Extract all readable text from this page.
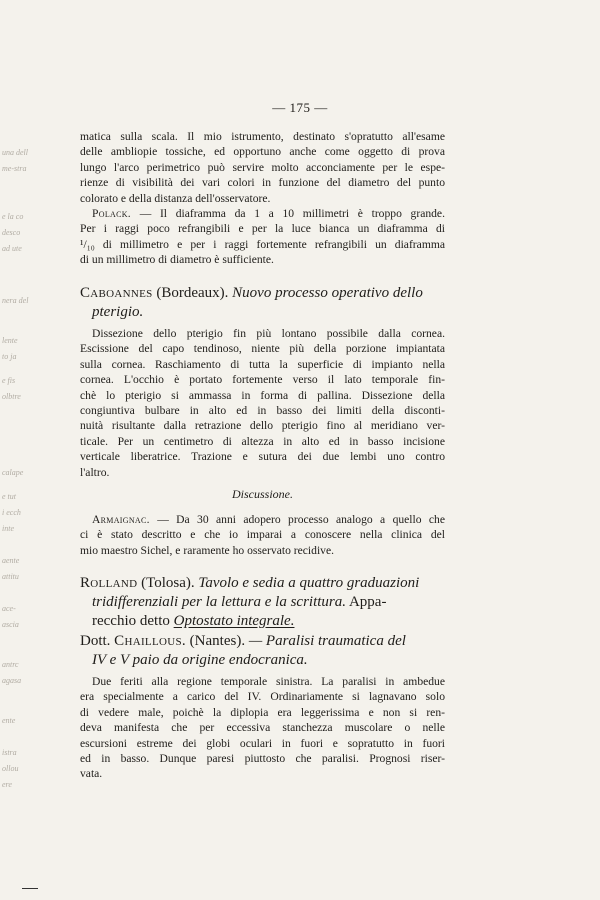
una dell
me-stra
e la co
desco
ad ute
nera del
lente
to ja
e fis
olbtre
calape
e tut
i ecch
inte
aente
attitu
ace-
ascia
antrc
agasa
ente
istra
ollou
ere
— 175 —

matica sulla scala. Il mio istrumento, destinato s'opratutto all'esame
delle ambliopie tossiche, ed opportuno anche come oggetto di prova
lungo l'arco perimetrico può servire molto acconciamente per le espe-
rienze di visibilità dei vari colori in funzione del diametro del punto
colorato e della distanza dell'osservatore.

Polack. — Il diaframma da 1 a 10 millimetri è troppo grande.
Per i raggi poco refrangibili e per la luce bianca un diaframma di
¹/₁₀ di millimetro e per i raggi fortemente refrangibili un diaframma
di un millimetro di diametro è sufficiente.

Caboannes (Bordeaux). Nuovo processo operativo dello
pterigio.

Dissezione dello pterigio fin più lontano possibile dalla cornea.
Escissione del capo tendinoso, niente più della porzione impiantata
sulla cornea. Raschiamento di tutta la superficie di impianto nella
cornea. L'occhio è portato fortemente verso il lato temporale fin-
chè lo pterigio si ammassa in forma di pallina. Dissezione della
congiuntiva bulbare in alto ed in basso dei limiti della disconti-
nuità risultante dalla retrazione dello pterigio fino al meridiano ver-
ticale. Per un centimetro di altezza in alto ed in basso incisione
verticale liberatrice. Trazione e sutura dei due lembi uno contro
l'altro.

Discussione.

Armaignac. — Da 30 anni adopero processo analogo a quello che
ci è stato descritto e che io imparai a conoscere nella clinica del
mio maestro Sichel, e raramente ho osservato recidive.

Rolland (Tolosa). Tavolo e sedia a quattro graduazioni
tridifferenziali per la lettura e la scrittura. Appa-
recchio detto Optostato integrale.
Dott. Chaillous. (Nantes). — Paralisi traumatica del
IV e V paio da origine endocranica.

Due feriti alla regione temporale sinistra. La paralisi in ambedue
era specialmente a carico del IV. Ordinariamente si lagnavano solo
di vedere male, poichè la diplopia era leggerissima e non si ren-
deva manifesta che per eccessiva stanchezza muscolare o nelle
escursioni estreme dei globi oculari in fuori e sopratutto in fuori
ed in basso. Dunque paresi piuttosto che paralisi. Prognosi riser-
vata.
